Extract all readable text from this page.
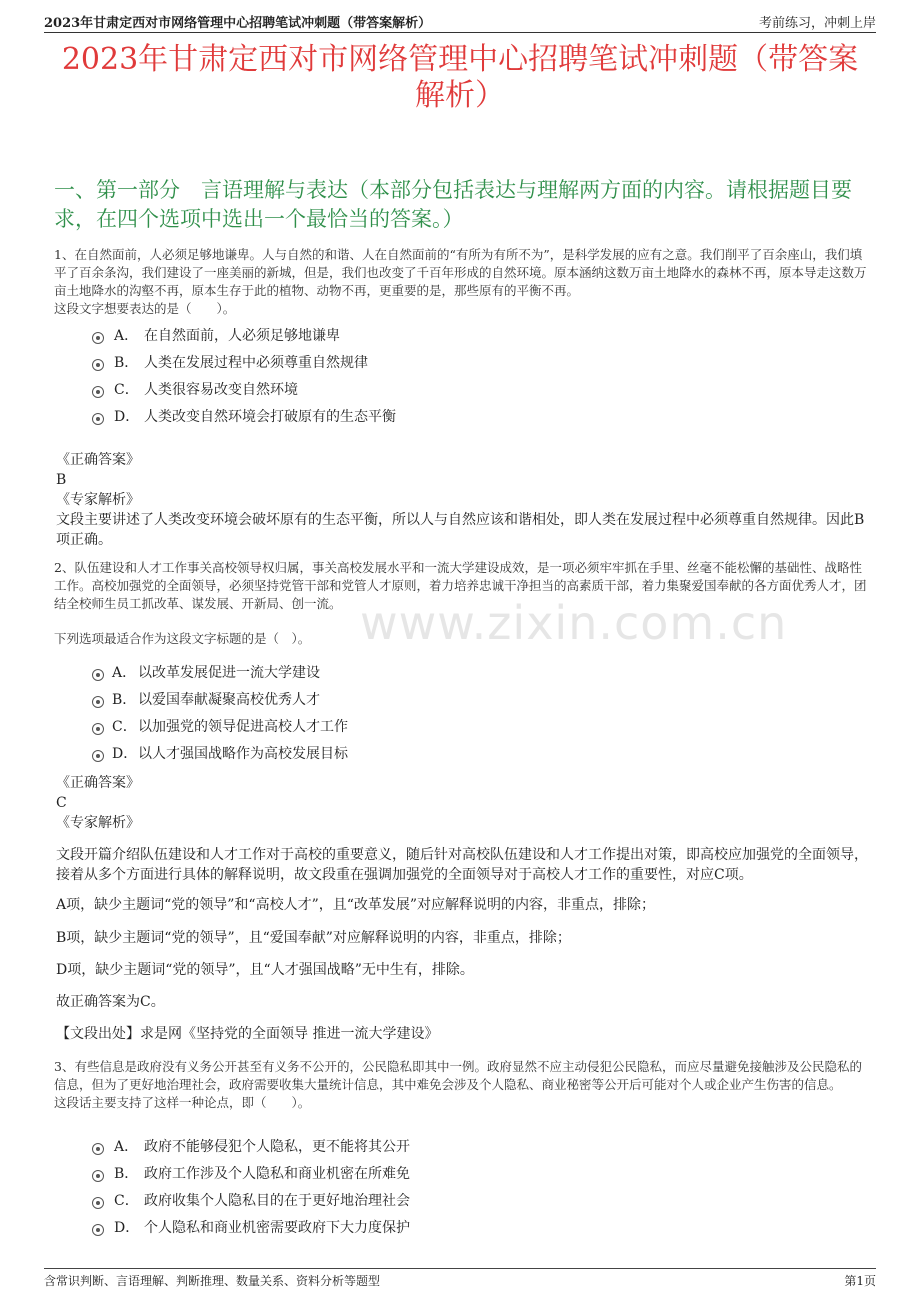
2023年甘肃定西对市网络管理中心招聘笔试冲刺题（带答案解析）	考前练习，冲刺上岸
2023年甘肃定西对市网络管理中心招聘笔试冲刺题（带答案解析）
一、第一部分　言语理解与表达（本部分包括表达与理解两方面的内容。请根据题目要求，在四个选项中选出一个最恰当的答案。）
www.zixin.com.cn

1、在自然面前，人必须足够地谦卑。人与自然的和谐、人在自然面前的“有所为有所不为”，是科学发展的应有之意。我们削平了百余座山，我们填平了百余条沟，我们建设了一座美丽的新城，但是，我们也改变了千百年形成的自然环境。原本涵纳这数万亩土地降水的森林不再，原本导走这数万亩土地降水的沟壑不再，原本生存于此的植物、动物不再，更重要的是，那些原有的平衡不再。

这段文字想要表达的是（　　）。

A． 在自然面前，人必须足够地谦卑
B． 人类在发展过程中必须尊重自然规律
C． 人类很容易改变自然环境
D． 人类改变自然环境会打破原有的生态平衡

《正确答案》

B

《专家解析》

文段主要讲述了人类改变环境会破坏原有的生态平衡，所以人与自然应该和谐相处，即人类在发展过程中必须尊重自然规律。因此B项正确。

2、队伍建设和人才工作事关高校领导权归属，事关高校发展水平和一流大学建设成效，是一项必须牢牢抓在手里、丝毫不能松懈的基础性、战略性工作。高校加强党的全面领导，必须坚持党管干部和党管人才原则，着力培养忠诚干净担当的高素质干部，着力集聚爱国奉献的各方面优秀人才，团结全校师生员工抓改革、谋发展、开新局、创一流。

下列选项最适合作为这段文字标题的是（　）。

A． 以改革发展促进一流大学建设
B． 以爱国奉献凝聚高校优秀人才
C． 以加强党的领导促进高校人才工作
D． 以人才强国战略作为高校发展目标

《正确答案》

C

《专家解析》

文段开篇介绍队伍建设和人才工作对于高校的重要意义，随后针对高校队伍建设和人才工作提出对策，即高校应加强党的全面领导，接着从多个方面进行具体的解释说明，故文段重在强调加强党的全面领导对于高校人才工作的重要性，对应C项。

A项，缺少主题词“党的领导”和“高校人才”，且“改革发展”对应解释说明的内容，非重点，排除；

B项，缺少主题词“党的领导”，且“爱国奉献”对应解释说明的内容，非重点，排除；

D项，缺少主题词“党的领导”，且“人才强国战略”无中生有，排除。

故正确答案为C。

【文段出处】求是网《坚持党的全面领导 推进一流大学建设》

3、有些信息是政府没有义务公开甚至有义务不公开的，公民隐私即其中一例。政府显然不应主动侵犯公民隐私，而应尽量避免接触涉及公民隐私的信息，但为了更好地治理社会，政府需要收集大量统计信息，其中难免会涉及个人隐私、商业秘密等公开后可能对个人或企业产生伤害的信息。

这段话主要支持了这样一种论点，即（　　）。

A． 政府不能够侵犯个人隐私，更不能将其公开
B． 政府工作涉及个人隐私和商业机密在所难免
C． 政府收集个人隐私目的在于更好地治理社会
D． 个人隐私和商业机密需要政府下大力度保护
含常识判断、言语理解、判断推理、数量关系、资料分析等题型	第1页
